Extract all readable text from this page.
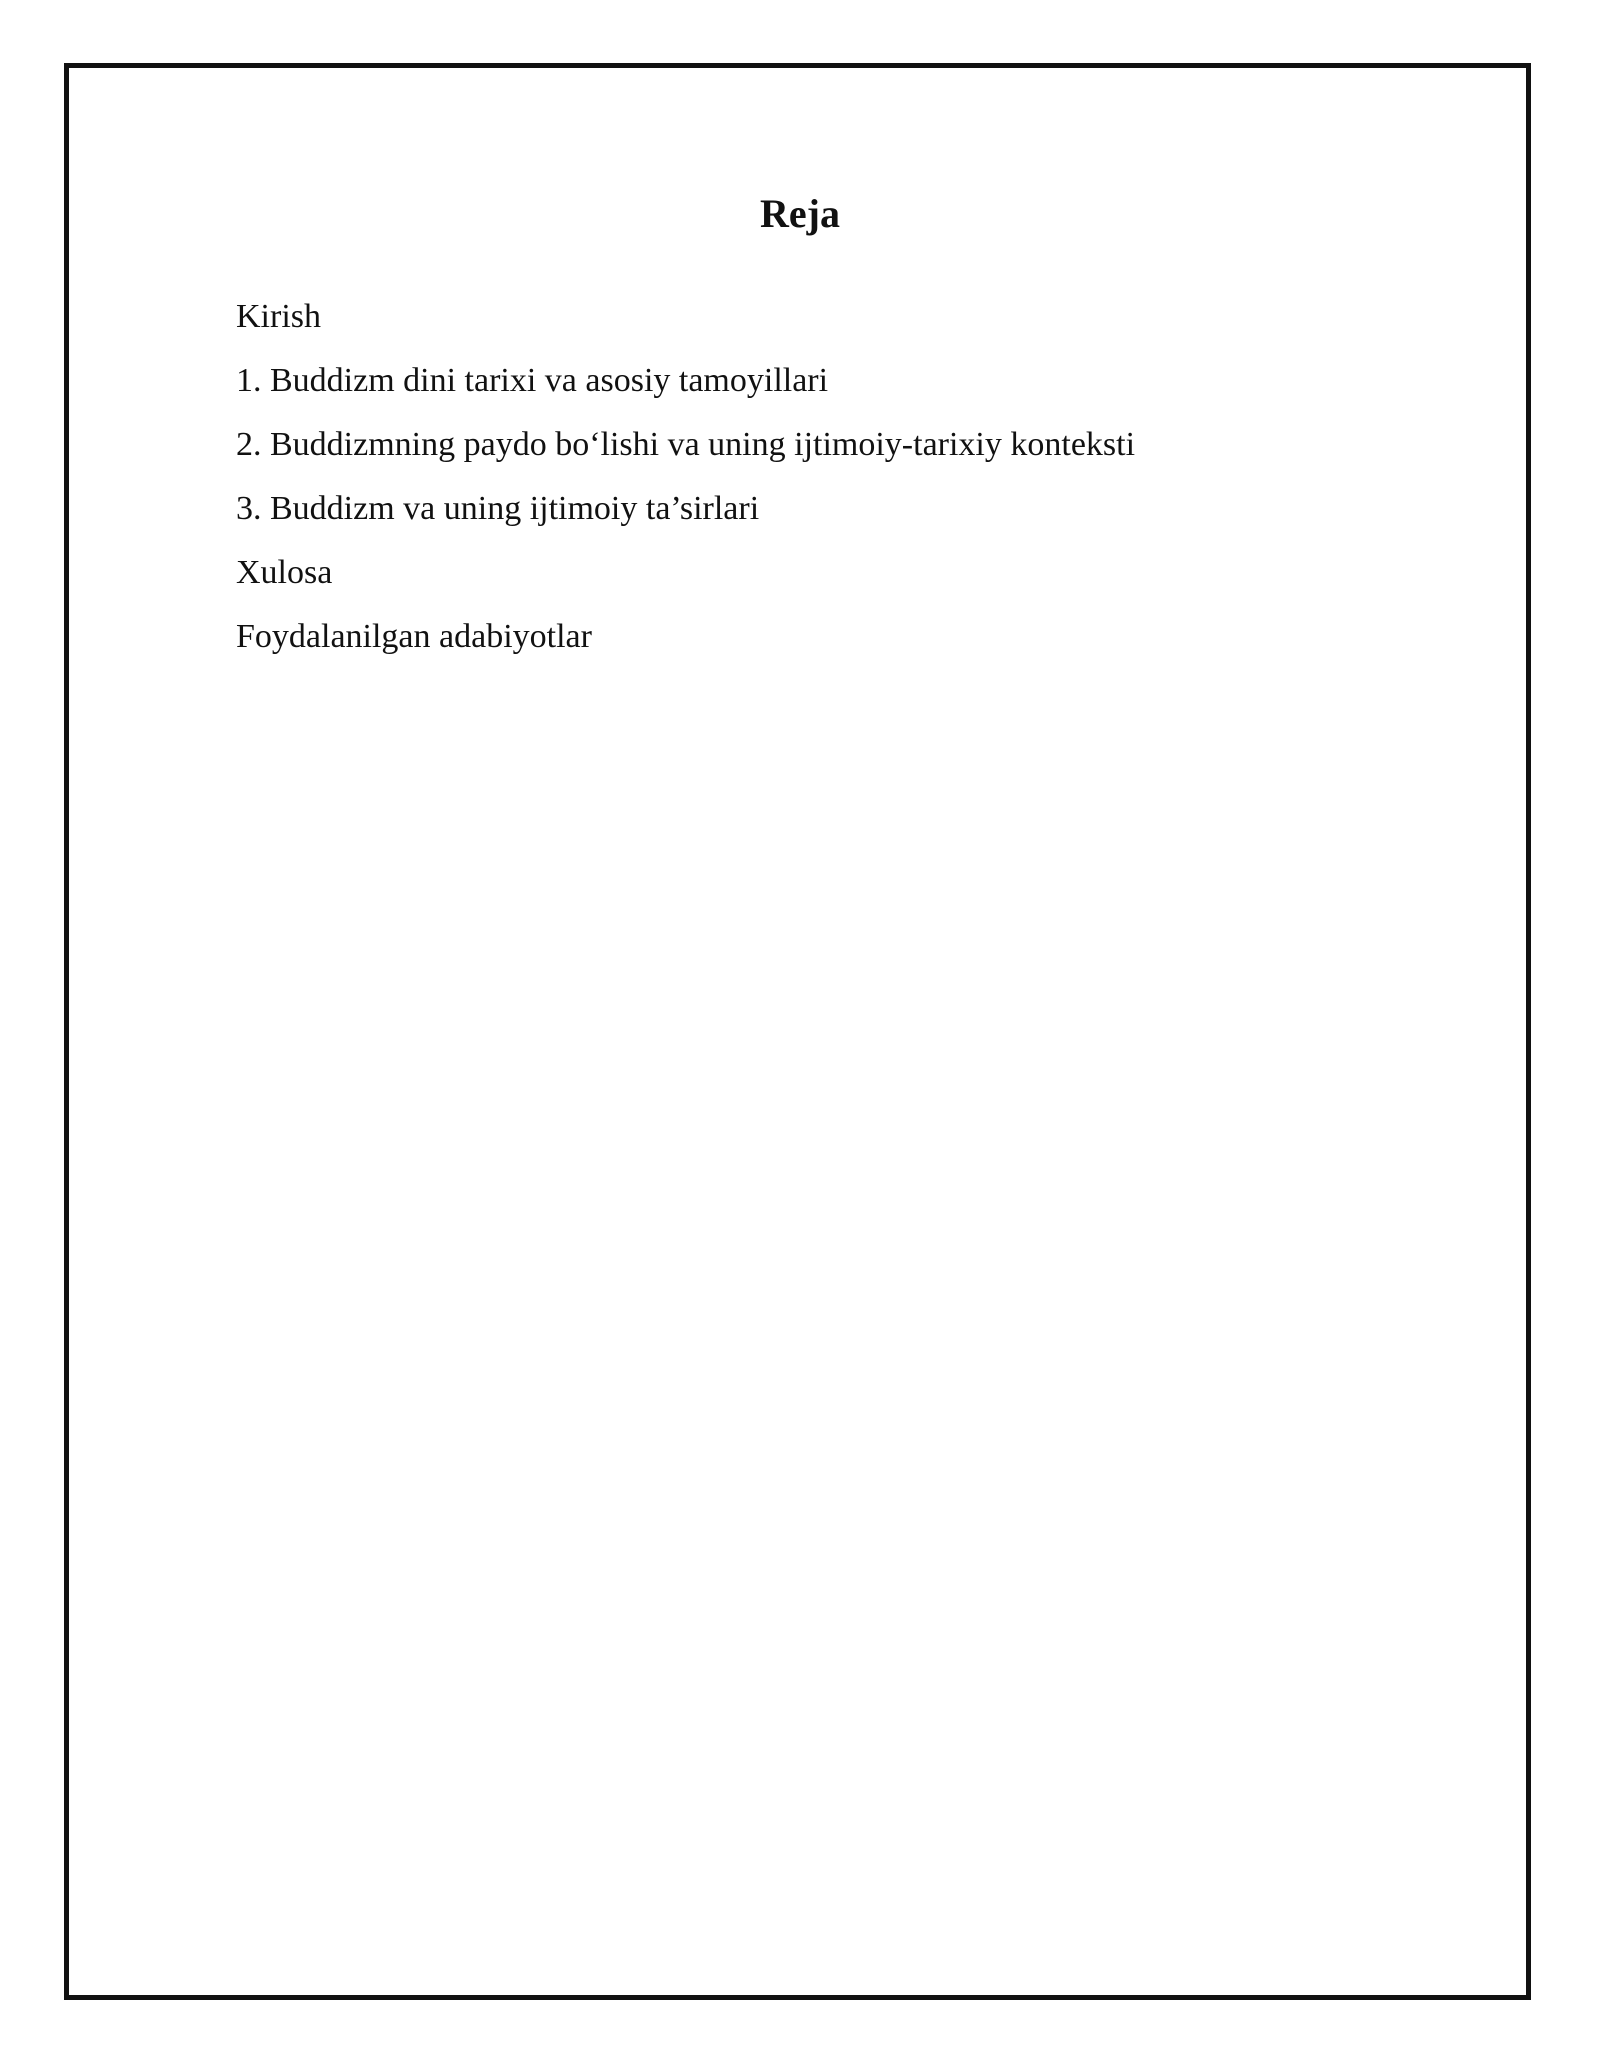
Reja
Kirish
1. Buddizm dini tarixi va asosiy tamoyillari
2. Buddizmning paydo bo‘lishi va uning ijtimoiy-tarixiy konteksti
3. Buddizm va uning ijtimoiy ta’sirlari
Xulosa
Foydalanilgan adabiyotlar
